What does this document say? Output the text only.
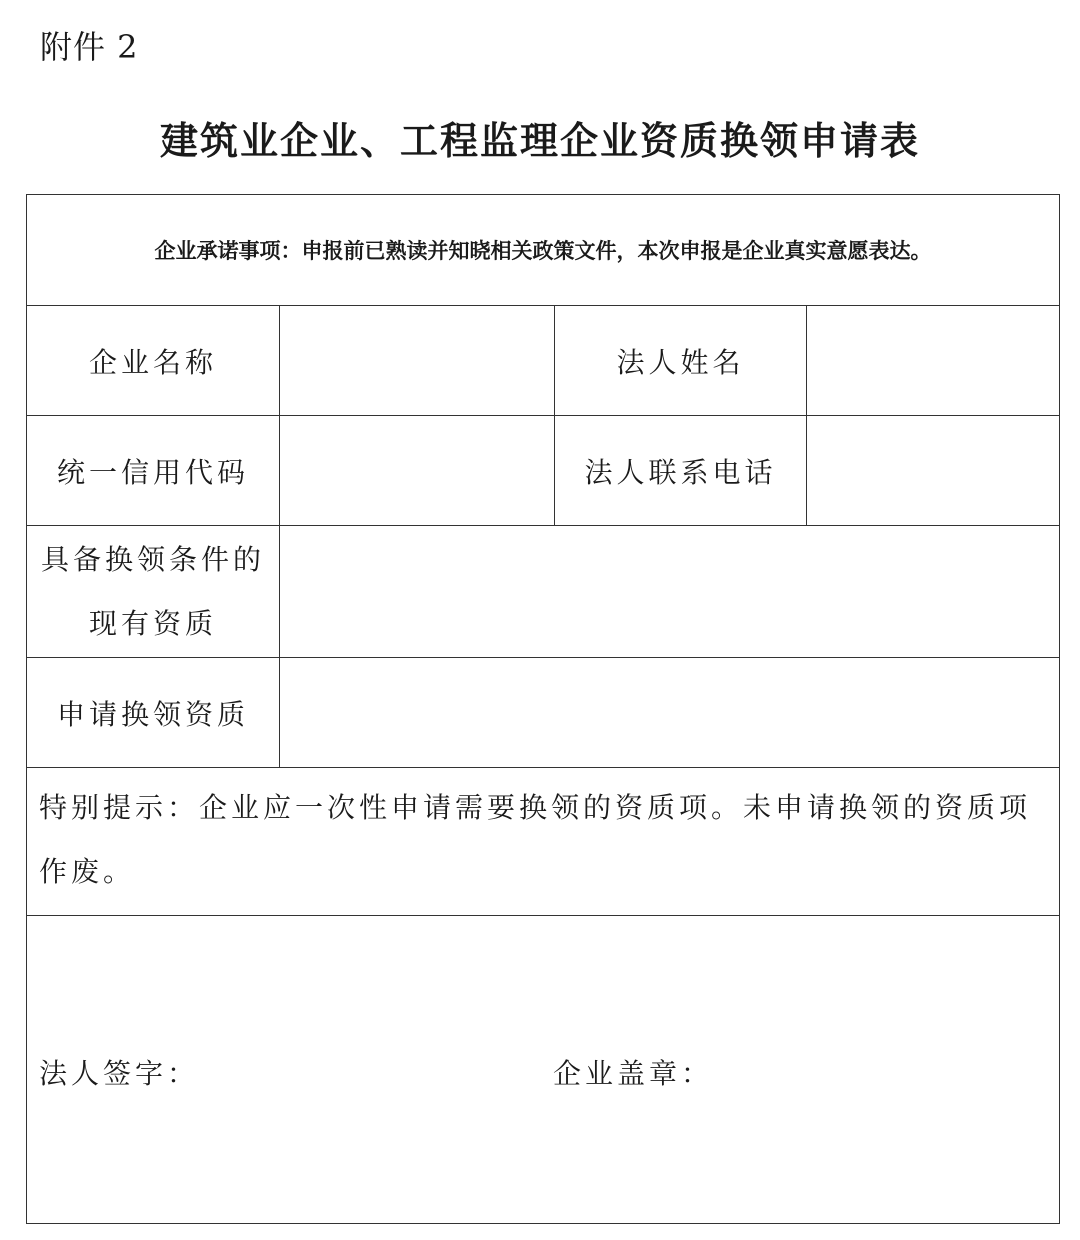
附件 2
建筑业企业、工程监理企业资质换领申请表
企业承诺事项：申报前已熟读并知晓相关政策文件，本次申报是企业真实意愿表达。			
企业名称		法人姓名	
统一信用代码		法人联系电话	

具备换领条件的
现有资质			

申请换领资质			
特别提示：企业应一次性申请需要换领的资质项。未申请换领的资质项作废。			

法人签字： 企业盖章：			
